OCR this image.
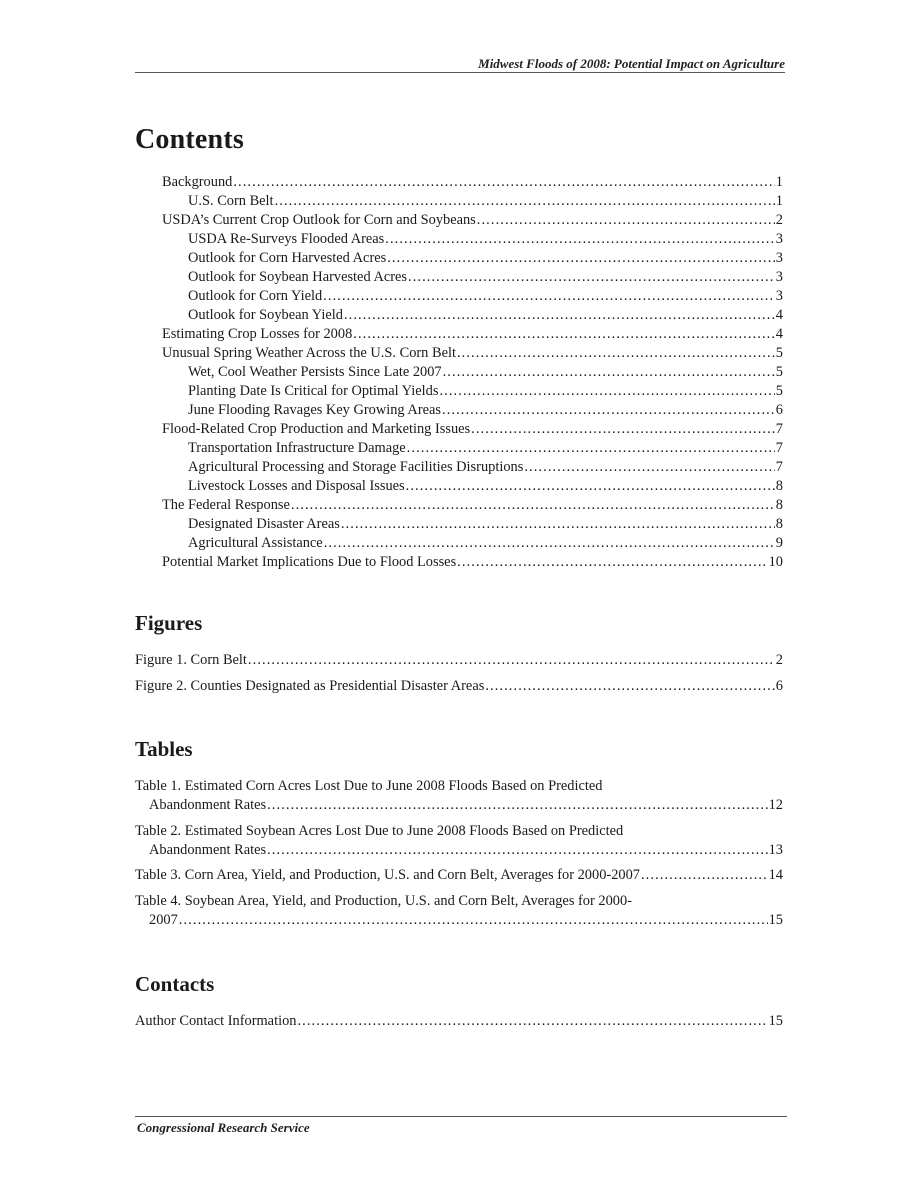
Midwest Floods of 2008: Potential Impact on Agriculture
Contents
Background .....	1
U.S. Corn Belt .....	1
USDA’s Current Crop Outlook for Corn and Soybeans .....	2
USDA Re-Surveys Flooded Areas .....	3
Outlook for Corn Harvested Acres .....	3
Outlook for Soybean Harvested Acres .....	3
Outlook for Corn Yield .....	3
Outlook for Soybean Yield .....	4
Estimating Crop Losses for 2008 .....	4
Unusual Spring Weather Across the U.S. Corn Belt .....	5
Wet, Cool Weather Persists Since Late 2007 .....	5
Planting Date Is Critical for Optimal Yields .....	5
June Flooding Ravages Key Growing Areas .....	6
Flood-Related Crop Production and Marketing Issues .....	7
Transportation Infrastructure Damage .....	7
Agricultural Processing and Storage Facilities Disruptions .....	7
Livestock Losses and Disposal Issues .....	8
The Federal Response .....	8
Designated Disaster Areas .....	8
Agricultural Assistance .....	9
Potential Market Implications Due to Flood Losses .....	10
Figures
Figure 1. Corn Belt .....	2
Figure 2. Counties Designated as Presidential Disaster Areas .....	6
Tables
Table 1. Estimated Corn Acres Lost Due to June 2008 Floods Based on Predicted
Abandonment Rates .....	12
Table 2. Estimated Soybean Acres Lost Due to June 2008 Floods Based on Predicted
Abandonment Rates .....	13
Table 3. Corn Area, Yield, and Production, U.S. and Corn Belt, Averages for 2000-2007 .....	14
Table 4. Soybean Area, Yield, and Production, U.S. and Corn Belt, Averages for 2000-
2007 .....	15
Contacts
Author Contact Information .....	15
Congressional Research Service
